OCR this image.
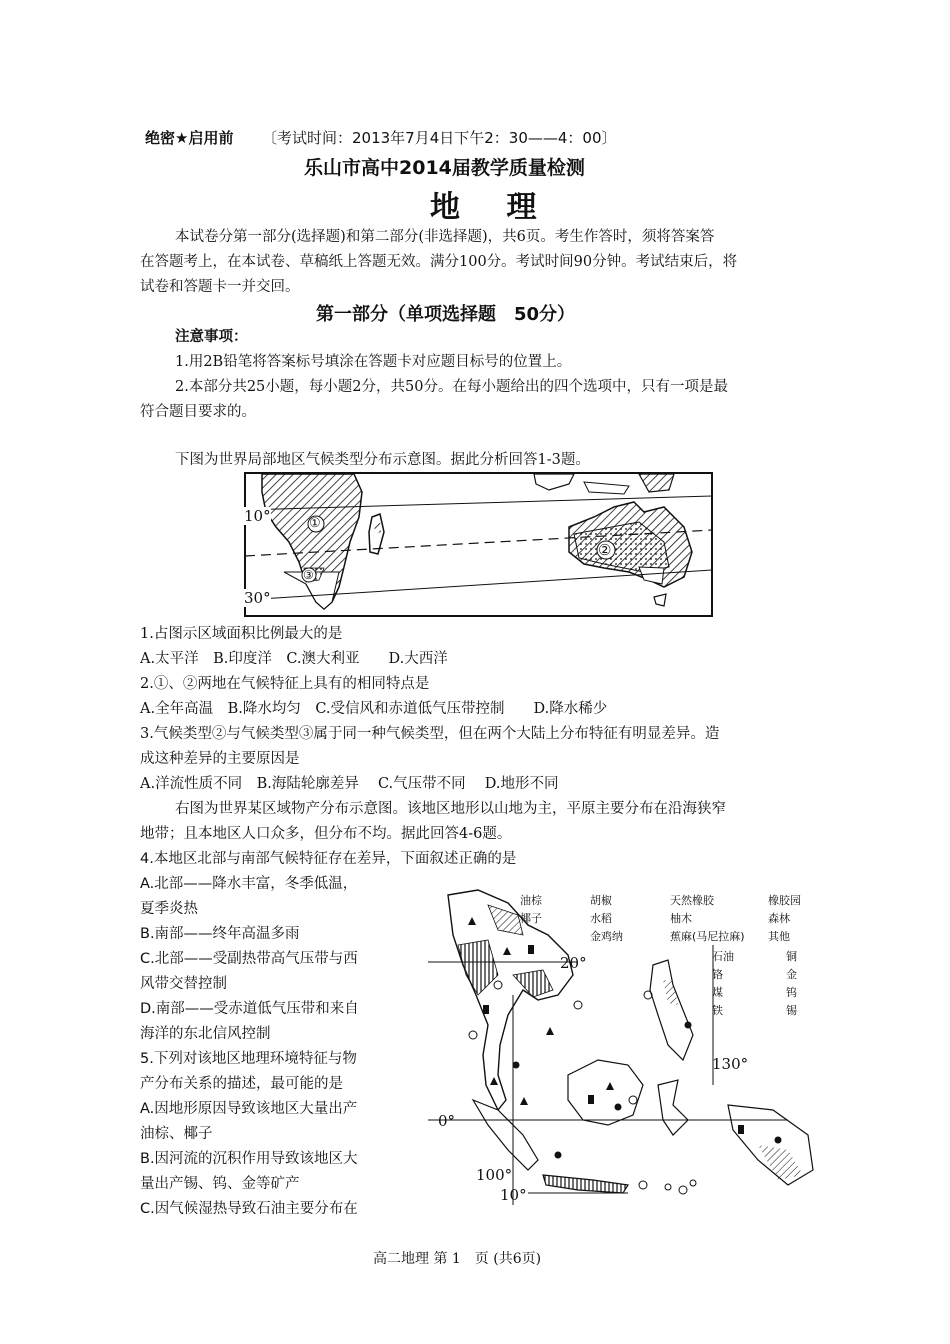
绝密★启用前 〔考试时间：2013年7月4日下午2：30——4：00〕
乐山市高中2014届教学质量检测
地 理
本试卷分第一部分(选择题)和第二部分(非选择题)，共6页。考生作答时，须将答案答
在答题考上，在本试卷、草稿纸上答题无效。满分100分。考试时间90分钟。考试结束后，将
试卷和答题卡一并交回。
第一部分（单项选择题　50分）
注意事项：
1.用2B铅笔将答案标号填涂在答题卡对应题目标号的位置上。
2.本部分共25小题，每小题2分，共50分。在每小题给出的四个选项中，只有一项是最
符合题目要求的。
下图为世界局部地区气候类型分布示意图。据此分析回答1-3题。
10°
30°
①
②
③
1.占图示区域面积比例最大的是
A.太平洋　B.印度洋　C.澳大利亚　　D.大西洋
2.①、②两地在气候特征上具有的相同特点是
A.全年高温　B.降水均匀　C.受信风和赤道低气压带控制　　D.降水稀少
3.气候类型②与气候类型③属于同一种气候类型，但在两个大陆上分布特征有明显差异。造
成这种差异的主要原因是
A.洋流性质不同　B.海陆轮廓差异　 C.气压带不同　 D.地形不同
右图为世界某区域物产分布示意图。该地区地形以山地为主，平原主要分布在沿海狭窄
地带；且本地区人口众多，但分布不均。据此回答4-6题。
4.本地区北部与南部气候特征存在差异，下面叙述正确的是
A.北部——降水丰富，冬季低温，
夏季炎热
B.南部——终年高温多雨
C.北部——受副热带高气压带与西
风带交替控制
D.南部——受赤道低气压带和来自
海洋的东北信风控制
5.下列对该地区地理环境特征与物
产分布关系的描述，最可能的是
A.因地形原因导致该地区大量出产
油棕、椰子
B.因河流的沉积作用导致该地区大
量出产锡、钨、金等矿产
C.因气候湿热导致石油主要分布在
油棕	胡椒	天然橡胶	橡胶园
椰子	水稻	柚木	森林
金鸡纳	蕉麻(马尼拉麻) 其他
石油	铜
铬	金
煤	钨
铁	锡
20°
130°
0°
100°
10°
高二地理 第 1　页 (共6页)
